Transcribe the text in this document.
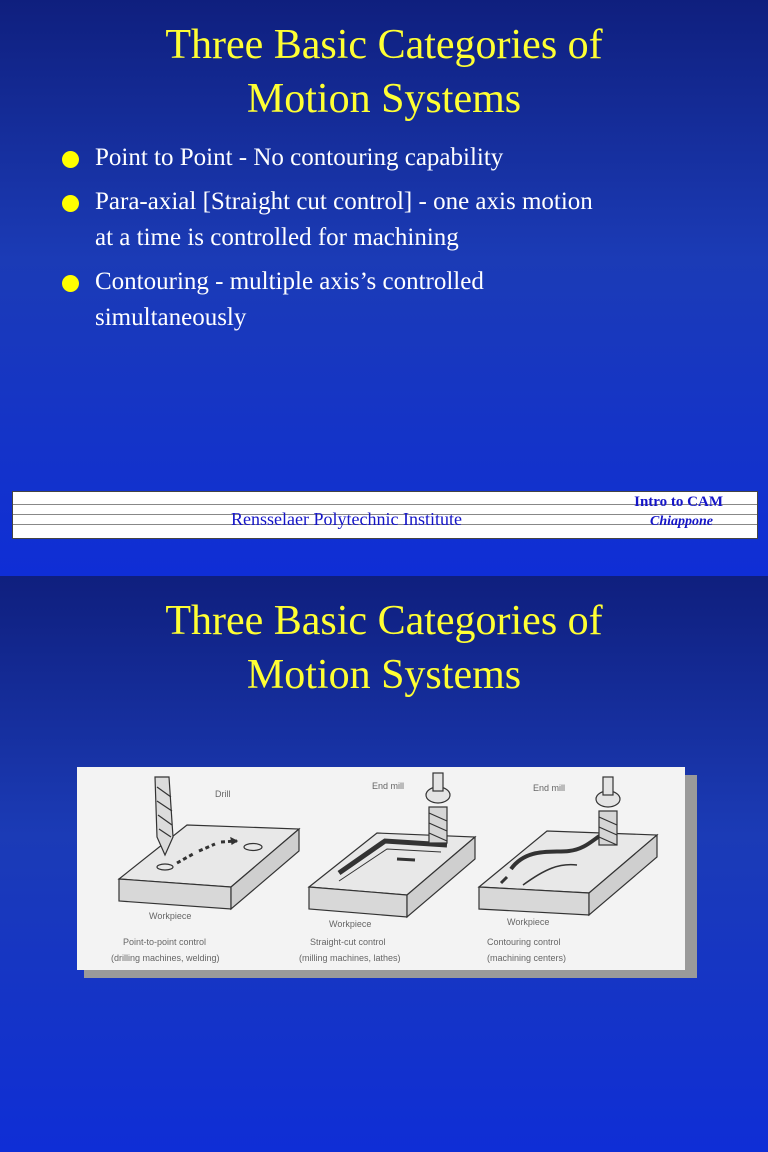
Three Basic Categories of
Motion Systems
Point to Point - No contouring capability
Para-axial [Straight cut control] - one axis motion
at a time is controlled for machining
Contouring - multiple axis’s controlled
simultaneously
Rensselaer Polytechnic Institute
Intro to CAM
Chiappone
Three Basic Categories of
Motion Systems
Drill
End mill	End mill
Workpiece
Workpiece	Workpiece
Point-to-point control
(drilling machines, welding)
Straight-cut control
(milling machines, lathes)
Contouring control
(machining centers)
